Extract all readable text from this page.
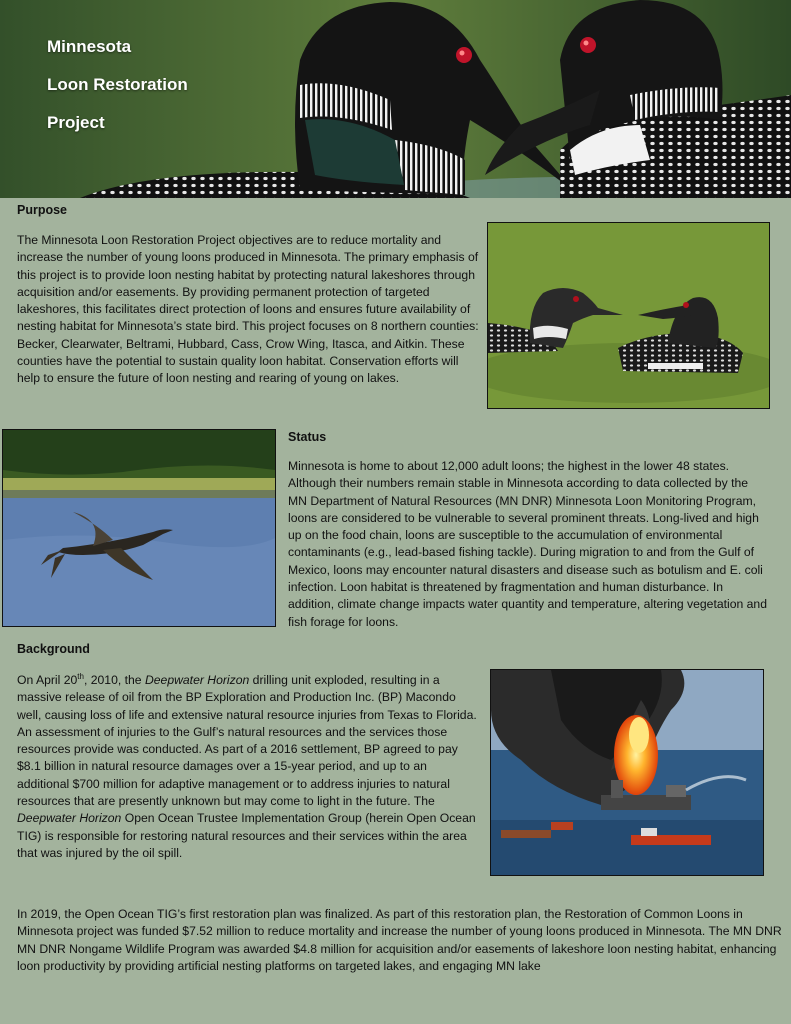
Minnesota
Loon Restoration
Project
Purpose

The Minnesota Loon Restoration Project objectives are to reduce mortality and increase the number of young loons produced in Minnesota. The primary emphasis of this project is to provide loon nesting habitat by protecting natural lakeshores through acquisition and/or easements. By providing permanent protection of targeted lakeshores, this facilitates direct protection of loons and ensures future availability of nesting habitat for Minnesota’s state bird. This project focuses on 8 northern counties: Becker, Clearwater, Beltrami, Hubbard, Cass, Crow Wing, Itasca, and Aitkin. These counties have the potential to sustain quality loon habitat. Conservation efforts will help to ensure the future of loon nesting and rearing of young on lakes.

Status

Minnesota is home to about 12,000 adult loons; the highest in the lower 48 states. Although their numbers remain stable in Minnesota according to data collected by the MN Department of Natural Resources (MN DNR) Minnesota Loon Monitoring Program, loons are considered to be vulnerable to several prominent threats. Long-lived and high up on the food chain, loons are susceptible to the accumulation of environmental contaminants (e.g., lead-based fishing tackle). During migration to and from the Gulf of Mexico, loons may encounter natural disasters and disease such as botulism and E. coli infection. Loon habitat is threatened by fragmentation and human disturbance. In addition, climate change impacts water quantity and temperature, altering vegetation and fish forage for loons.

Background

On April 20th, 2010, the Deepwater Horizon drilling unit exploded, resulting in a massive release of oil from the BP Exploration and Production Inc. (BP) Macondo well, causing loss of life and extensive natural resource injuries from Texas to Florida. An assessment of injuries to the Gulf’s natural resources and the services those resources provide was conducted. As part of a 2016 settlement, BP agreed to pay $8.1 billion in natural resource damages over a 15-year period, and up to an additional $700 million for adaptive management or to address injuries to natural resources that are presently unknown but may come to light in the future. The Deepwater Horizon Open Ocean Trustee Implementation Group (herein Open Ocean TIG) is responsible for restoring natural resources and their services within the area that was injured by the oil spill.

In 2019, the Open Ocean TIG’s first restoration plan was finalized. As part of this restoration plan, the Restoration of Common Loons in Minnesota project was funded $7.52 million to reduce mortality and increase the number of young loons produced in Minnesota. The MN DNR MN DNR Nongame Wildlife Program was awarded $4.8 million for acquisition and/or easements of lakeshore loon nesting habitat, enhancing loon productivity by providing artificial nesting platforms on targeted lakes, and engaging MN lake
